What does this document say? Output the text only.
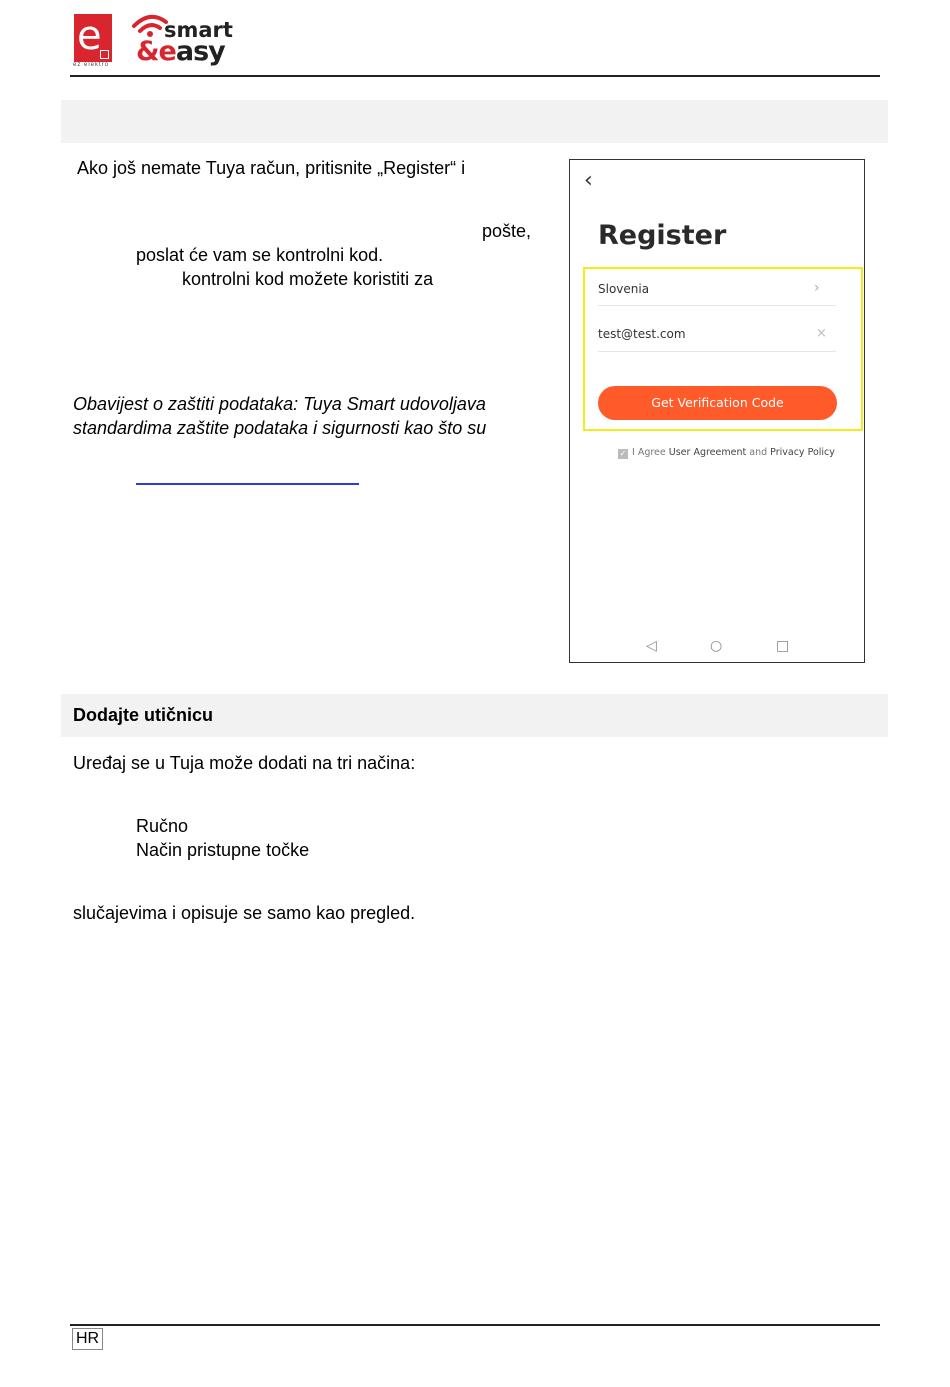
e
ez elektro
smart
&easy
Ako još nemate Tuya račun, pritisnite „Register“ i
pošte,
poslat će vam se kontrolni kod.
kontrolni kod možete koristiti za
Obavijest o zaštiti podataka: Tuya Smart udovoljava
standardima zaštite podataka i sigurnosti kao što su
‹
Register
Slovenia	›
test@test.com	×
Get Verification Code
✓ I Agree User Agreement and Privacy Policy
◁	○	□
Dodajte utičnicu
Uređaj se u Tuja može dodati na tri načina:
Ručno
Način pristupne točke
slučajevima i opisuje se samo kao pregled.
HR
